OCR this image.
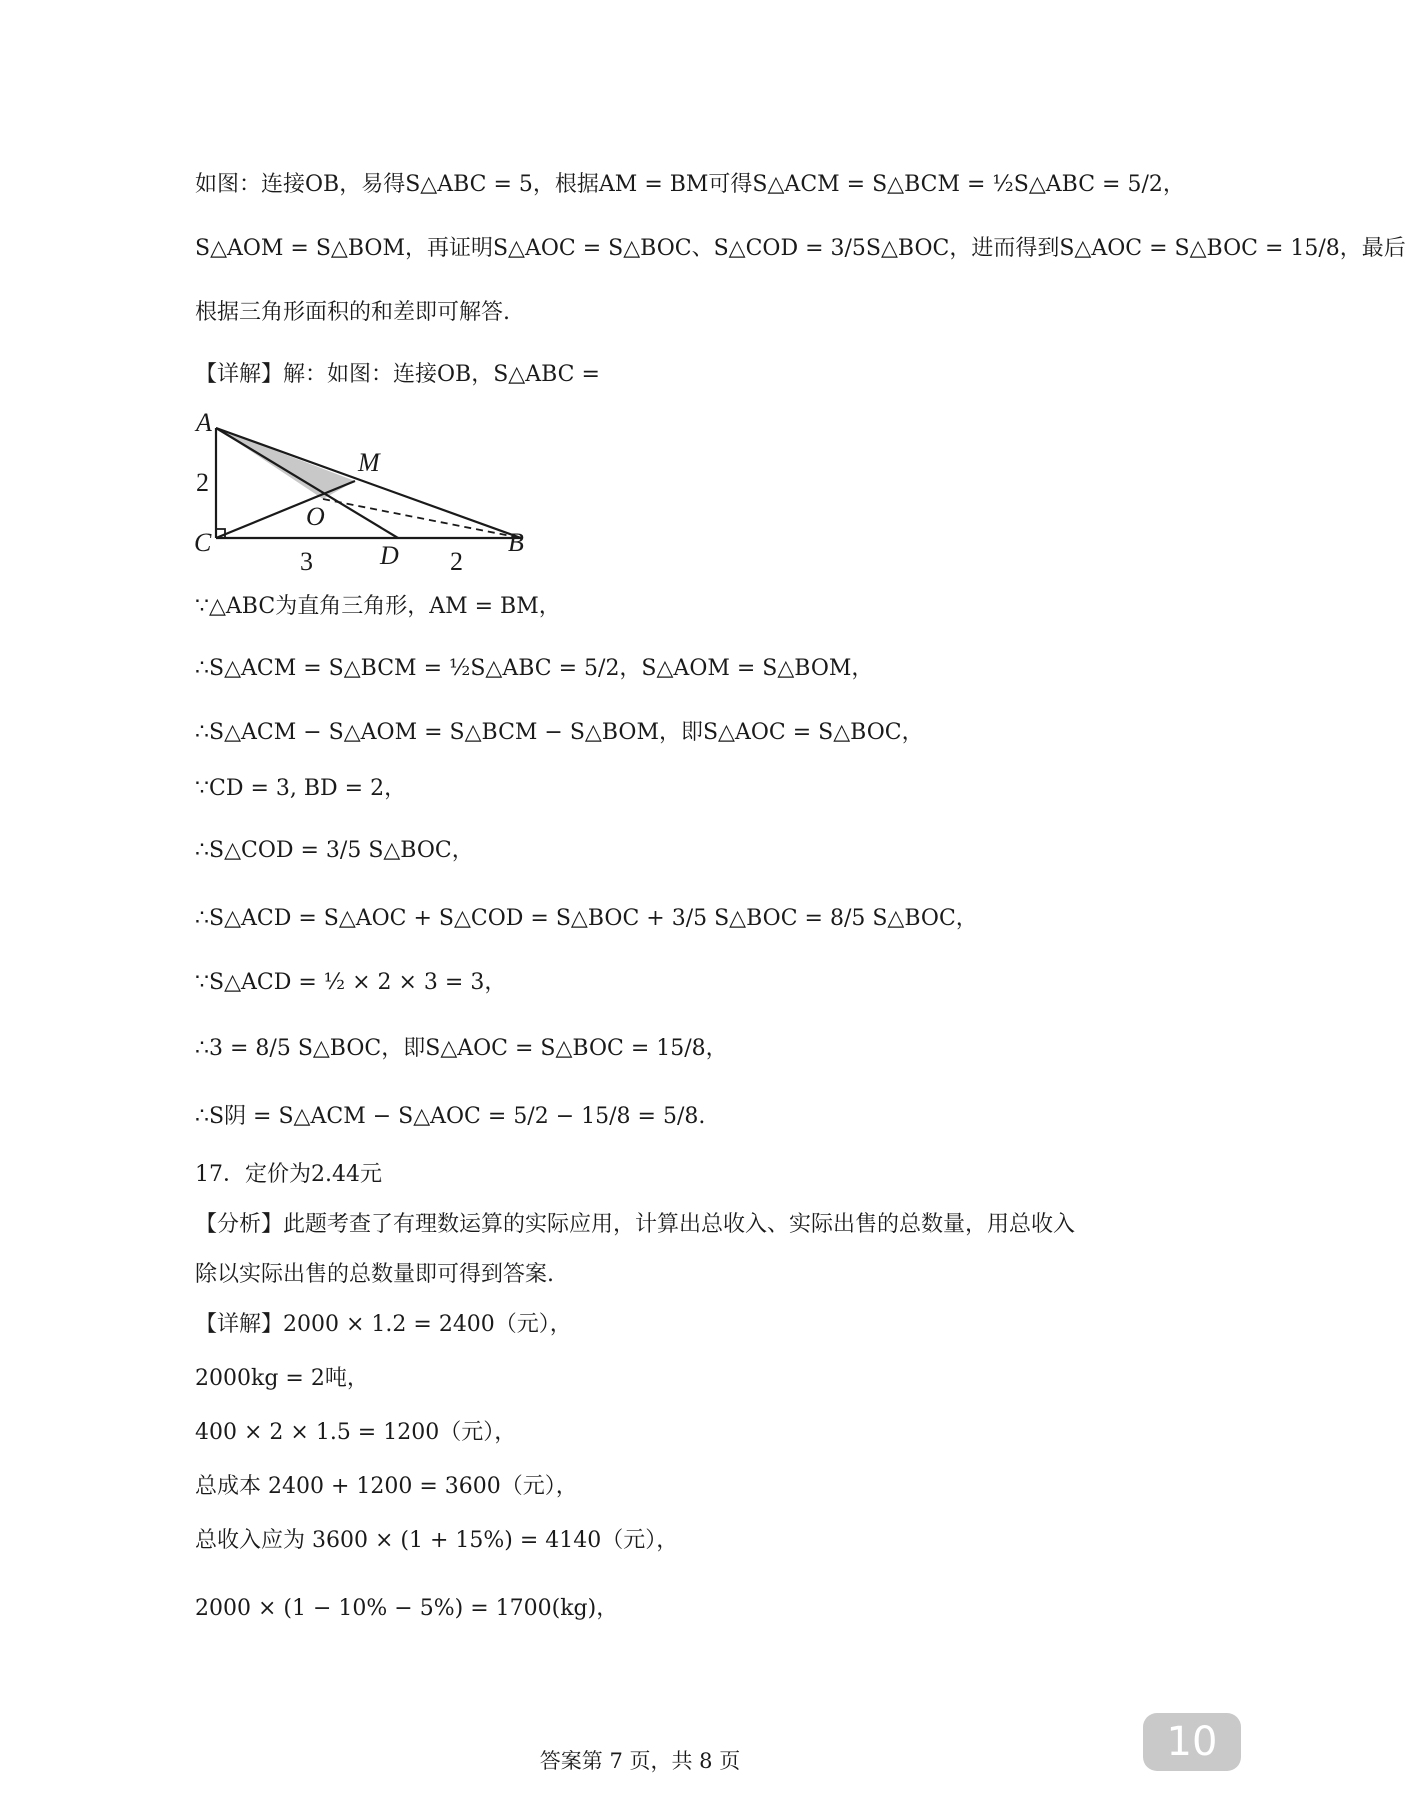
如图：连接OB，易得S△ABC = 5，根据AM = BM可得S△ACM = S△BCM = ½S△ABC = 5/2，
S△AOM = S△BOM，再证明S△AOC = S△BOC、S△COD = 3/5S△BOC，进而得到S△AOC = S△BOC = 15/8，最后
根据三角形面积的和差即可解答.
【详解】解：如图：连接OB，S△ABC =
A
M
O
C	D	B
2
3	2
∵△ABC为直角三角形，AM = BM，
∴S△ACM = S△BCM = ½S△ABC = 5/2，S△AOM = S△BOM，
∴S△ACM − S△AOM = S△BCM − S△BOM，即S△AOC = S△BOC，
∵CD = 3, BD = 2，
∴S△COD = 3/5 S△BOC，
∴S△ACD = S△AOC + S△COD = S△BOC + 3/5 S△BOC = 8/5 S△BOC，
∵S△ACD = ½ × 2 × 3 = 3，
∴3 = 8/5 S△BOC，即S△AOC = S△BOC = 15/8，
∴S阴 = S△ACM − S△AOC = 5/2 − 15/8 = 5/8.
17．定价为2.44元
【分析】此题考查了有理数运算的实际应用，计算出总收入、实际出售的总数量，用总收入
除以实际出售的总数量即可得到答案.
【详解】2000 × 1.2 = 2400（元），
2000kg = 2吨，
400 × 2 × 1.5 = 1200（元），
总成本 2400 + 1200 = 3600（元），
总收入应为 3600 × (1 + 15%) = 4140（元），
2000 × (1 − 10% − 5%) = 1700(kg)，
答案第 7 页，共 8 页	10
